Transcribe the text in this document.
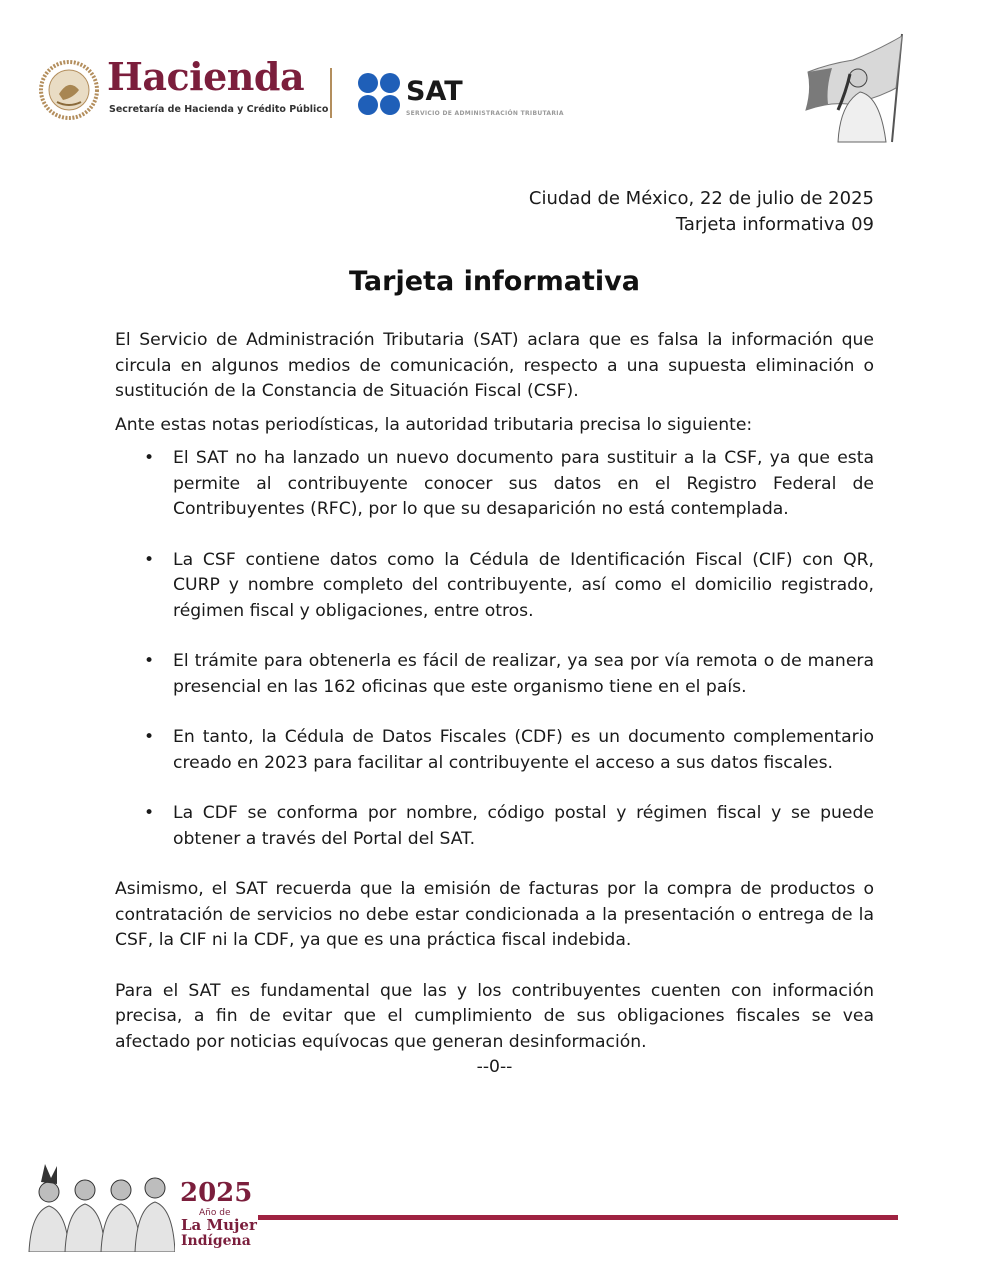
Hacienda
Secretaría de Hacienda y Crédito Público
SAT
SERVICIO DE ADMINISTRACIÓN TRIBUTARIA
Ciudad de México, 22 de julio de 2025
Tarjeta informativa 09
Tarjeta informativa

El Servicio de Administración Tributaria (SAT) aclara que es falsa la información que circula en algunos medios de comunicación, respecto a una supuesta eliminación o sustitución de la Constancia de Situación Fiscal (CSF).

Ante estas notas periodísticas, la autoridad tributaria precisa lo siguiente:

• El SAT no ha lanzado un nuevo documento para sustituir a la CSF, ya que esta permite al contribuyente conocer sus datos en el Registro Federal de Contribuyentes (RFC), por lo que su desaparición no está contemplada.
• La CSF contiene datos como la Cédula de Identificación Fiscal (CIF) con QR, CURP y nombre completo del contribuyente, así como el domicilio registrado, régimen fiscal y obligaciones, entre otros.
• El trámite para obtenerla es fácil de realizar, ya sea por vía remota o de manera presencial en las 162 oficinas que este organismo tiene en el país.
• En tanto, la Cédula de Datos Fiscales (CDF) es un documento complementario creado en 2023 para facilitar al contribuyente el acceso a sus datos fiscales.
• La CDF se conforma por nombre, código postal y régimen fiscal y se puede obtener a través del Portal del SAT.

Asimismo, el SAT recuerda que la emisión de facturas por la compra de productos o contratación de servicios no debe estar condicionada a la presentación o entrega de la CSF, la CIF ni la CDF, ya que es una práctica fiscal indebida.

Para el SAT es fundamental que las y los contribuyentes cuenten con información precisa, a fin de evitar que el cumplimiento de sus obligaciones fiscales se vea afectado por noticias equívocas que generan desinformación.

--0--

2025
Año de
La Mujer
Indígena
